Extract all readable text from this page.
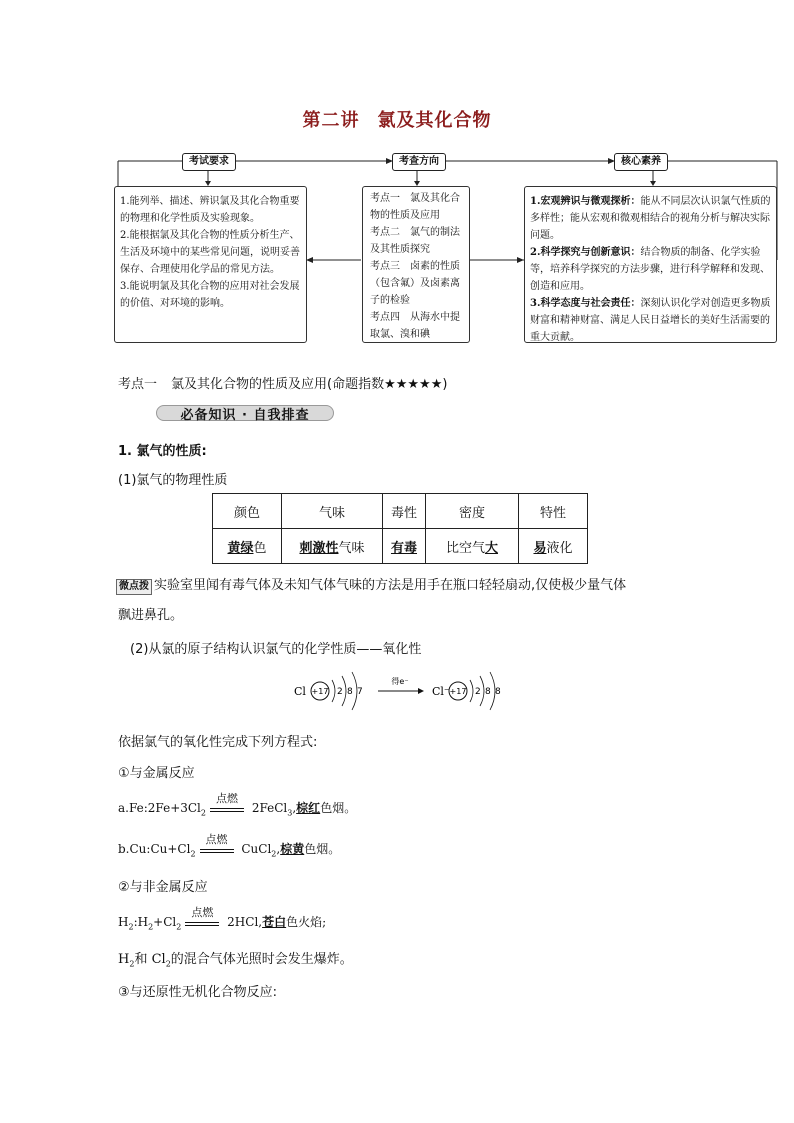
第二讲 氯及其化合物
考试要求	考查方向	核心素养

1.能列举、描述、辨识氯及其化合物重要的物理和化学性质及实验现象。

2.能根据氯及其化合物的性质分析生产、生活及环境中的某些常见问题，说明妥善保存、合理使用化学品的常见方法。

3.能说明氯及其化合物的应用对社会发展的价值、对环境的影响。

考点一　氯及其化合物的性质及应用

考点二　氯气的制法及其性质探究

考点三　卤素的性质（包含氟）及卤素离子的检验

考点四　从海水中提取氯、溴和碘

1.宏观辨识与微观探析：能从不同层次认识氯气性质的多样性；能从宏观和微观相结合的视角分析与解决实际问题。

2.科学探究与创新意识：结合物质的制备、化学实验等，培养科学探究的方法步骤，进行科学解释和发现、创造和应用。

3.科学态度与社会责任：深刻认识化学对创造更多物质财富和精神财富、满足人民日益增长的美好生活需要的重大贡献。

考点一 氯及其化合物的性质及应用(命题指数★★★★★)
必备知识 · 自我排查
1. 氯气的性质:
(1)氯气的物理性质
颜色	气味	毒性	密度	特性
黄绿色	刺激性气味	有毒	比空气大	易液化
微点拨 实验室里闻有毒气体及未知气体气味的方法是用手在瓶口轻轻扇动,仅使极少量气体
飘进鼻孔。
(2)从氯的原子结构认识氯气的化学性质——氧化性
Cl +17 2 8 7
得e⁻
Cl⁻ +17 2 8 8
依据氯气的氧化性完成下列方程式:
①与金属反应
$a.Fe:2Fe+3Cl_2$
点燃
2FeCl$_3$,棕红色烟。
$b.Cu:Cu+Cl_2$
点燃
CuCl$_2$,棕黄色烟。
②与非金属反应
$H_2:H_2+Cl_2$
点燃
2HCl,苍白色火焰;
$H_2$和 $Cl_2$的混合气体光照时会发生爆炸。
③与还原性无机化合物反应:
